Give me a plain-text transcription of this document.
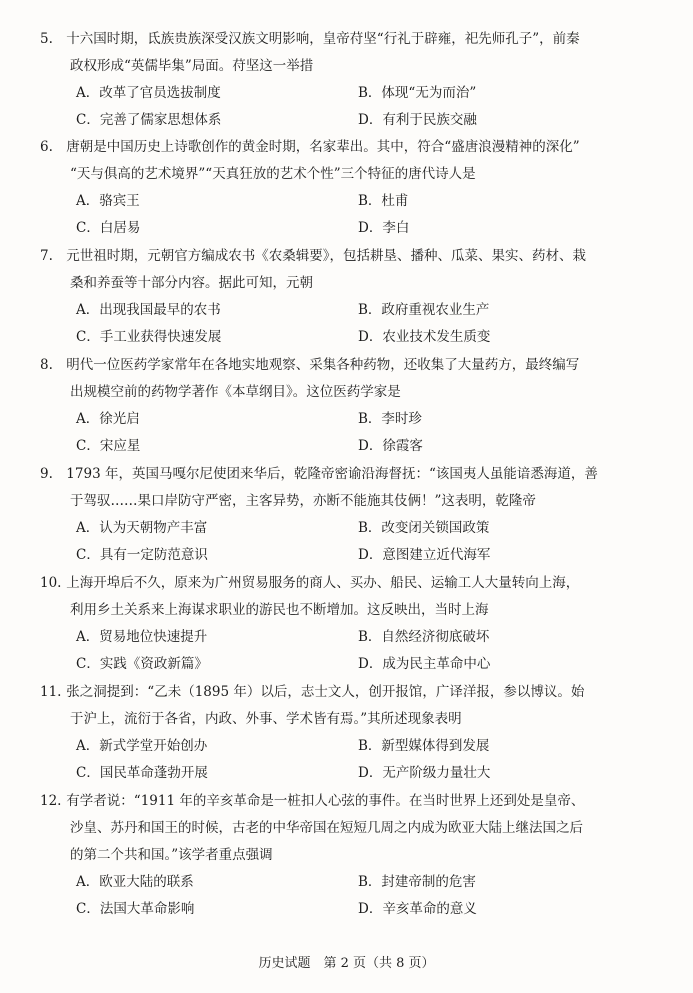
5. 十六国时期，氐族贵族深受汉族文明影响，皇帝苻坚“行礼于辟雍，祀先师孔子”，前秦
政权形成“英儒毕集”局面。苻坚这一举措

A．改革了官员选拔制度	B．体现“无为而治”
C．完善了儒家思想体系	D．有利于民族交融

6. 唐朝是中国历史上诗歌创作的黄金时期，名家辈出。其中，符合“盛唐浪漫精神的深化”
“天与俱高的艺术境界”“天真狂放的艺术个性”三个特征的唐代诗人是

A．骆宾王	B．杜甫
C．白居易	D．李白

7. 元世祖时期，元朝官方编成农书《农桑辑要》，包括耕垦、播种、瓜菜、果实、药材、栽
桑和养蚕等十部分内容。据此可知，元朝

A．出现我国最早的农书	B．政府重视农业生产
C．手工业获得快速发展	D．农业技术发生质变

8. 明代一位医药学家常年在各地实地观察、采集各种药物，还收集了大量药方，最终编写
出规模空前的药物学著作《本草纲目》。这位医药学家是

A．徐光启	B．李时珍
C．宋应星	D．徐霞客

9. 1793 年，英国马嘎尔尼使团来华后，乾隆帝密谕沿海督抚：“该国夷人虽能谙悉海道，善
于驾驭……果口岸防守严密，主客异势，亦断不能施其伎俩！”这表明，乾隆帝

A．认为天朝物产丰富	B．改变闭关锁国政策
C．具有一定防范意识	D．意图建立近代海军

10. 上海开埠后不久，原来为广州贸易服务的商人、买办、船民、运输工人大量转向上海，
利用乡土关系来上海谋求职业的游民也不断增加。这反映出，当时上海

A．贸易地位快速提升	B．自然经济彻底破坏
C．实践《资政新篇》	D．成为民主革命中心

11. 张之洞提到：“乙未（1895 年）以后，志士文人，创开报馆，广译洋报，参以博议。始
于沪上，流衍于各省，内政、外事、学术皆有焉。”其所述现象表明

A．新式学堂开始创办	B．新型媒体得到发展
C．国民革命蓬勃开展	D．无产阶级力量壮大

12. 有学者说：“1911 年的辛亥革命是一桩扣人心弦的事件。在当时世界上还到处是皇帝、
沙皇、苏丹和国王的时候，古老的中华帝国在短短几周之内成为欧亚大陆上继法国之后
的第二个共和国。”该学者重点强调

A．欧亚大陆的联系	B．封建帝制的危害
C．法国大革命影响	D．辛亥革命的意义
历史试题　第 2 页（共 8 页）
